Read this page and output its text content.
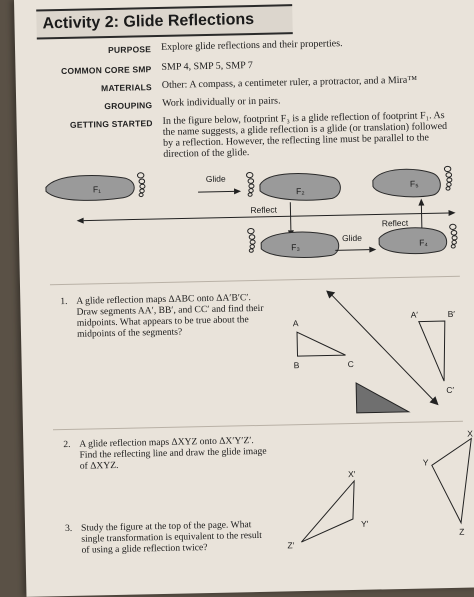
Activity 2: Glide Reflections
PURPOSE Explore glide reflections and their properties.
COMMON CORE SMP SMP 4, SMP 5, SMP 7
MATERIALS Other: A compass, a centimeter ruler, a protractor, and a Mira™
GROUPING Work individually or in pairs.
GETTING STARTED In the figure below, footprint F₃ is a glide reflection of footprint F₁. As the name suggests, a glide reflection is a glide (or translation) followed by a reflection. However, the reflecting line must be parallel to the direction of the glide.
F₁
Glide
F₂
F₅
Reflect
Reflect
F₃
Glide	F₄
1. A glide reflection maps ΔABC onto ΔA′B′C′. Draw segments AA′, BB′, and CC′ and find their midpoints. What appears to be true about the midpoints of the segments?
A
B	C
A′	B′
C′
2. A glide reflection maps ΔXYZ onto ΔX′Y′Z′. Find the reflecting line and draw the glide image of ΔXYZ.
3. Study the figure at the top of the page. What single transformation is equivalent to the result of using a glide reflection twice?
X
Y
Z
X′
Y′
Z′
